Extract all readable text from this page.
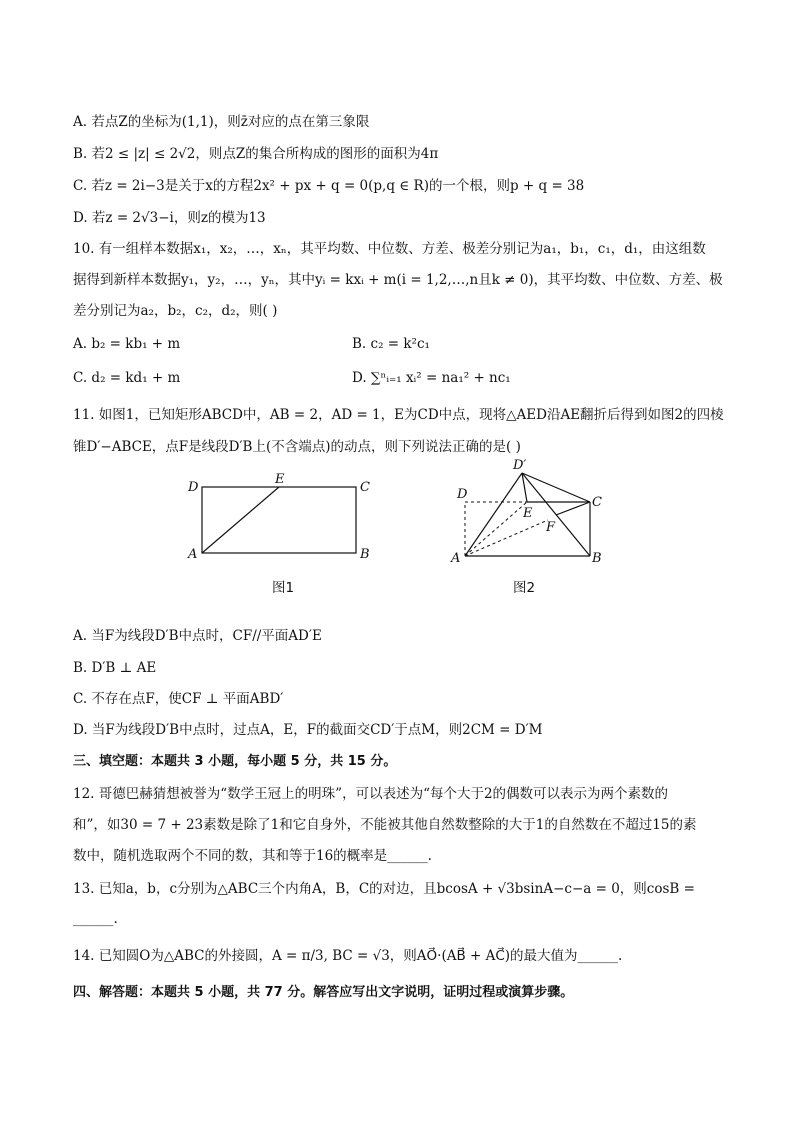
A. 若点Z的坐标为(1,1)，则z̄对应的点在第三象限
B. 若2 ≤ |z| ≤ 2√2，则点Z的集合所构成的图形的面积为4π
C. 若z = 2i−3是关于x的方程2x² + px + q = 0(p,q ∈ R)的一个根，则p + q = 38
D. 若z = 2√3−i，则z的模为13
10. 有一组样本数据x₁，x₂，…，xₙ，其平均数、中位数、方差、极差分别记为a₁，b₁，c₁，d₁，由这组数
据得到新样本数据y₁，y₂，…，yₙ，其中yᵢ = kxᵢ + m(i = 1,2,…,n且k ≠ 0)，其平均数、中位数、方差、极
差分别记为a₂，b₂，c₂，d₂，则( )
A. b₂ = kb₁ + m	B. c₂ = k²c₁
C. d₂ = kd₁ + m	D. ∑ⁿᵢ₌₁ xᵢ² = na₁² + nc₁
11. 如图1，已知矩形ABCD中，AB = 2，AD = 1，E为CD中点，现将△AED沿AE翻折后得到如图2的四棱
锥D′−ABCE，点F是线段D′B上(不含端点)的动点，则下列说法正确的是( )
D
E
C
A	B
图1
D′
D
E
C
F
A	B
图2
A. 当F为线段D′B中点时，CF//平面AD′E
B. D′B ⊥ AE
C. 不存在点F，使CF ⊥ 平面ABD′
D. 当F为线段D′B中点时，过点A，E，F的截面交CD′于点M，则2CM = D′M
三、填空题：本题共 3 小题，每小题 5 分，共 15 分。
12. 哥德巴赫猜想被誉为“数学王冠上的明珠”，可以表述为“每个大于2的偶数可以表示为两个素数的
和”，如30 = 7 + 23素数是除了1和它自身外，不能被其他自然数整除的大于1的自然数在不超过15的素
数中，随机选取两个不同的数，其和等于16的概率是______.
13. 已知a，b，c分别为△ABC三个内角A，B，C的对边，且bcosA + √3bsinA−c−a = 0，则cosB =
______.
14. 已知圆O为△ABC的外接圆，A = π/3, BC = √3，则AO⃗·(AB⃗ + AC⃗)的最大值为______.
四、解答题：本题共 5 小题，共 77 分。解答应写出文字说明，证明过程或演算步骤。
